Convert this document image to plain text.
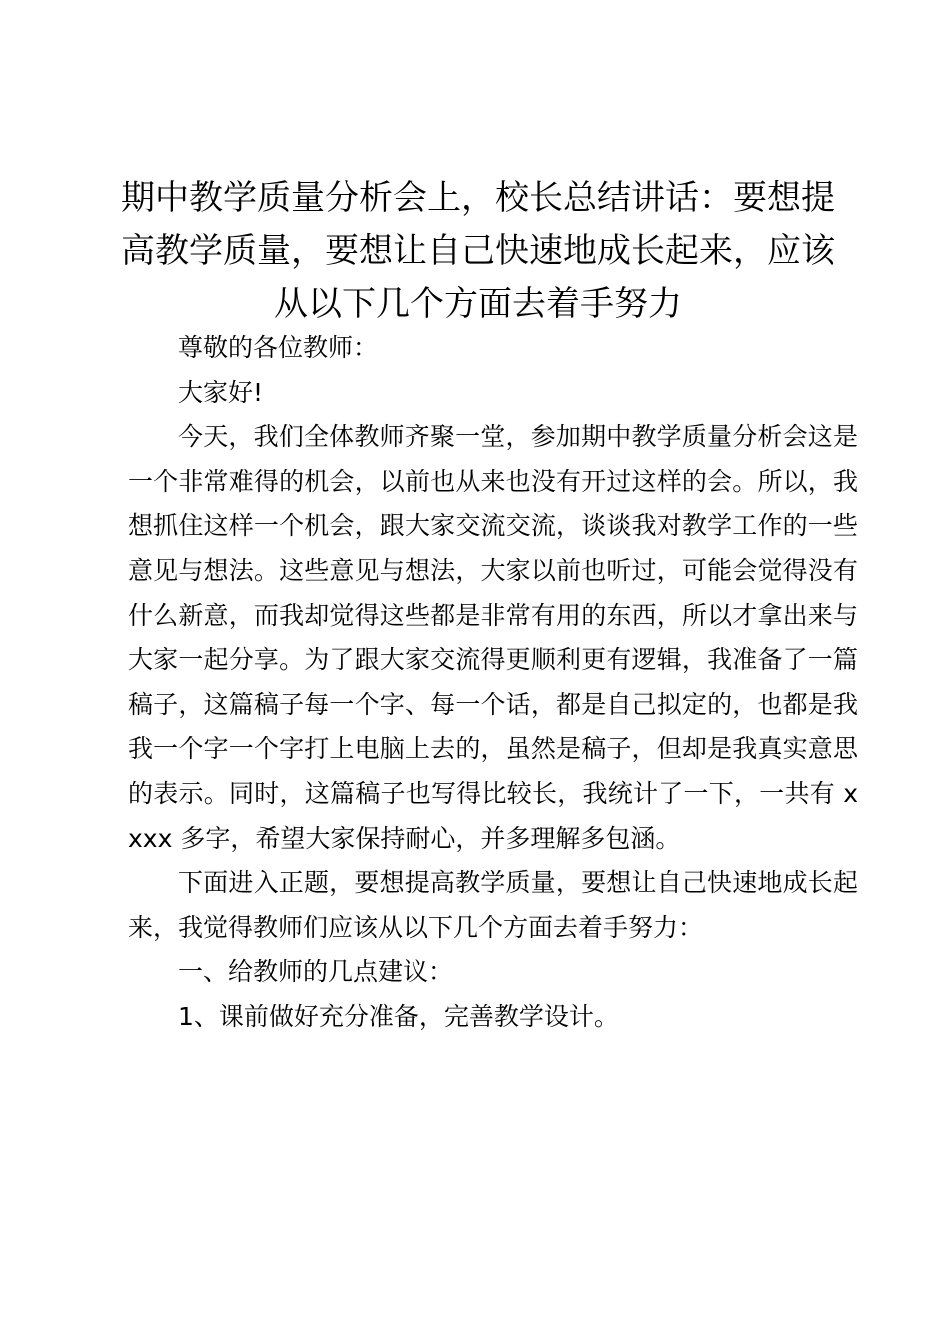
期中教学质量分析会上，校长总结讲话：要想提高教学质量，要想让自己快速地成长起来，应该从以下几个方面去着手努力

尊敬的各位教师：

大家好!

今天，我们全体教师齐聚一堂，参加期中教学质量分析会这是一个非常难得的机会，以前也从来也没有开过这样的会。所以，我想抓住这样一个机会，跟大家交流交流，谈谈我对教学工作的一些意见与想法。这些意见与想法，大家以前也听过，可能会觉得没有什么新意，而我却觉得这些都是非常有用的东西，所以才拿出来与大家一起分享。为了跟大家交流得更顺利更有逻辑，我准备了一篇稿子，这篇稿子每一个字、每一个话，都是自己拟定的，也都是我我一个字一个字打上电脑上去的，虽然是稿子，但却是我真实意思的表示。同时，这篇稿子也写得比较长，我统计了一下，一共有 xxxx 多字，希望大家保持耐心，并多理解多包涵。

下面进入正题，要想提高教学质量，要想让自己快速地成长起来，我觉得教师们应该从以下几个方面去着手努力：

一、给教师的几点建议：

1、课前做好充分准备，完善教学设计。
